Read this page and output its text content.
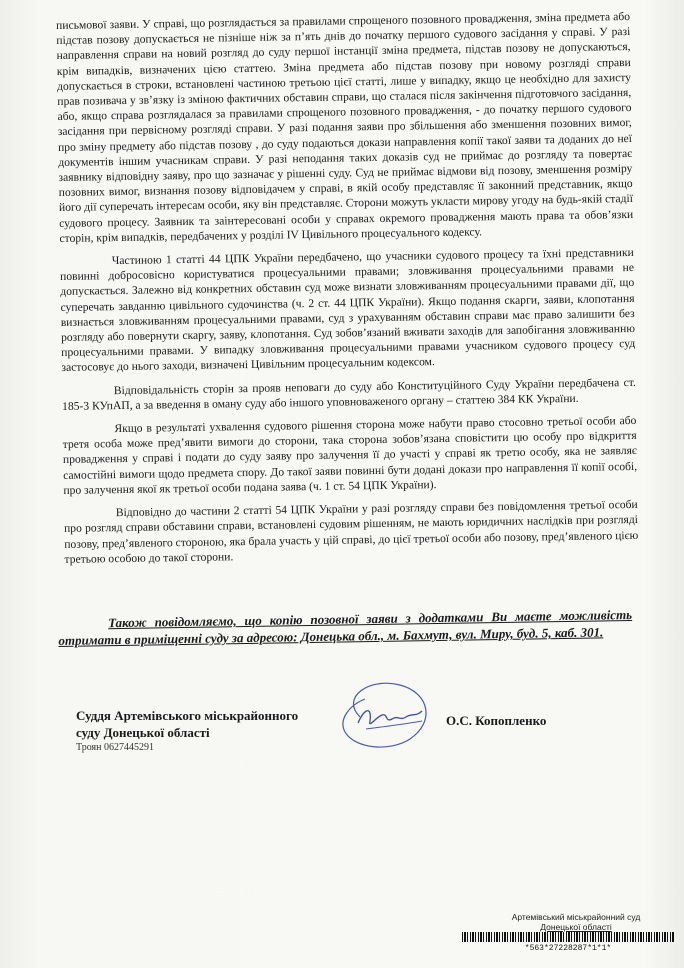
письмової заяви. У справі, що розглядається за правилами спрощеного позовного провадження, зміна предмета або підстав позову допускається не пізніше ніж за п’ять днів до початку першого судового засідання у справі. У разі направлення справи на новий розгляд до суду першої інстанції зміна предмета, підстав позову не допускаються, крім випадків, визначених цією статтею. Зміна предмета або підстав позову при новому розгляді справи допускається в строки, встановлені частиною третьою цієї статті, лише у випадку, якщо це необхідно для захисту прав позивача у зв’язку із зміною фактичних обставин справи, що сталася після закінчення підготовчого засідання, або, якщо справа розглядалася за правилами спрощеного позовного провадження, - до початку першого судового засідання при первісному розгляді справи. У разі подання заяви про збільшення або зменшення позовних вимог, про зміну предмету або підстав позову , до суду подаються докази направлення копії такої заяви та доданих до неї документів іншим учасникам справи. У разі неподання таких доказів суд не приймає до розгляду та повертає заявнику відповідну заяву, про що зазначає у рішенні суду. Суд не приймає відмови від позову, зменшення розміру позовних вимог, визнання позову відповідачем у справі, в якій особу представляє її законний представник, якщо його дії суперечать інтересам особи, яку він представляє. Сторони можуть укласти мирову угоду на будь-якій стадії судового процесу. Заявник та заінтересовані особи у справах окремого провадження мають права та обов’язки сторін, крім випадків, передбачених у розділі IV Цивільного процесуального кодексу.

Частиною 1 статті 44 ЦПК України передбачено, що учасники судового процесу та їхні представники повинні добросовісно користуватися процесуальними правами; зловживання процесуальними правами не допускається. Залежно від конкретних обставин суд може визнати зловживанням процесуальними правами дії, що суперечать завданню цивільного судочинства (ч. 2 ст. 44 ЦПК України). Якщо подання скарги, заяви, клопотання визнається зловживанням процесуальними правами, суд з урахуванням обставин справи має право залишити без розгляду або повернути скаргу, заяву, клопотання. Суд зобов’язаний вживати заходів для запобігання зловживанню процесуальними правами. У випадку зловживання процесуальними правами учасником судового процесу суд застосовує до нього заходи, визначені Цивільним процесуальним кодексом.

Відповідальність сторін за прояв неповаги до суду або Конституційного Суду України передбачена ст. 185-3 КУпАП, а за введення в оману суду або іншого уповноваженого органу – статтею 384 КК України.

Якщо в результаті ухвалення судового рішення сторона може набути право стосовно третьої особи або третя особа може пред’явити вимоги до сторони, така сторона зобов’язана сповістити цю особу про відкриття провадження у справі і подати до суду заяву про залучення її до участі у справі як третю особу, яка не заявляє самостійні вимоги щодо предмета спору. До такої заяви повинні бути додані докази про направлення її копії особі, про залучення якої як третьої особи подана заява (ч. 1 ст. 54 ЦПК України).

Відповідно до частини 2 статті 54 ЦПК України у разі розгляду справи без повідомлення третьої особи про розгляд справи обставини справи, встановлені судовим рішенням, не мають юридичних наслідків при розгляді позову, пред’явленого стороною, яка брала участь у цій справі, до цієї третьої особи або позову, пред’явленого цією третьою особою до такої сторони.

Також повідомляємо, що копію позовної заяви з додатками Ви маєте можливість отримати в приміщенні суду за адресою: Донецька обл., м. Бахмут, вул. Миру, буд. 5, каб. 301.
Суддя Артемівського міськрайонного
суду Донецької області
Троян 0627445291
О.С. Копопленко
Артемівський міськрайонний суд
Донецької області
*563*27228287*1*1*
